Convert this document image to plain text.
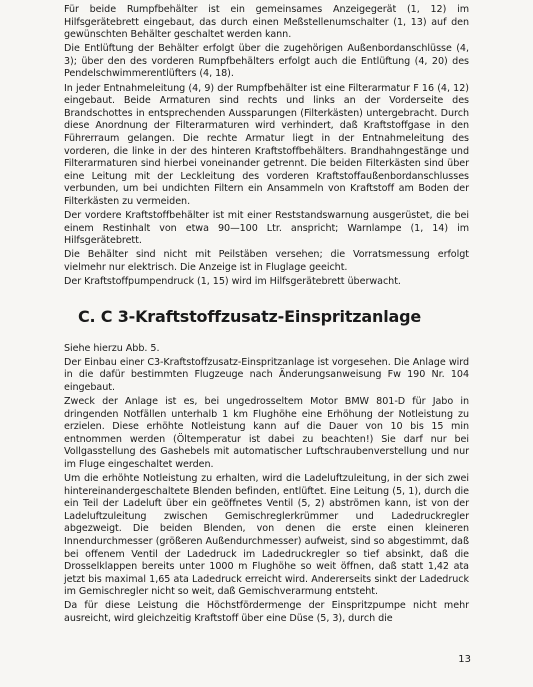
Für beide Rumpfbehälter ist ein gemeinsames Anzeigegerät (1, 12) im Hilfsgerätebrett eingebaut, das durch einen Meßstellenumschalter (1, 13) auf den gewünschten Behälter geschaltet werden kann.

Die Entlüftung der Behälter erfolgt über die zugehörigen Außenbordanschlüsse (4, 3); über den des vorderen Rumpfbehälters erfolgt auch die Entlüftung (4, 20) des Pendelschwimmerentlüfters (4, 18).

In jeder Entnahmeleitung (4, 9) der Rumpfbehälter ist eine Filterarmatur F 16 (4, 12) eingebaut. Beide Armaturen sind rechts und links an der Vorderseite des Brandschottes in entsprechenden Aussparungen (Filterkästen) untergebracht. Durch diese Anordnung der Filterarmaturen wird verhindert, daß Kraftstoffgase in den Führerraum gelangen. Die rechte Armatur liegt in der Entnahmeleitung des vorderen, die linke in der des hinteren Kraftstoffbehälters. Brandhahngestänge und Filterarmaturen sind hierbei voneinander getrennt. Die beiden Filterkästen sind über eine Leitung mit der Leckleitung des vorderen Kraftstoffaußenbordanschlusses verbunden, um bei undichten Filtern ein Ansammeln von Kraftstoff am Boden der Filterkästen zu vermeiden.

Der vordere Kraftstoffbehälter ist mit einer Reststandswarnung ausgerüstet, die bei einem Restinhalt von etwa 90—100 Ltr. anspricht; Warnlampe (1, 14) im Hilfsgerätebrett.

Die Behälter sind nicht mit Peilstäben versehen; die Vorratsmessung erfolgt vielmehr nur elektrisch. Die Anzeige ist in Fluglage geeicht.

Der Kraftstoffpumpendruck (1, 15) wird im Hilfsgerätebrett überwacht.

C. C 3-Kraftstoffzusatz-Einspritzanlage

Siehe hierzu Abb. 5.

Der Einbau einer C3-Kraftstoffzusatz-Einspritzanlage ist vorgesehen. Die Anlage wird in die dafür bestimmten Flugzeuge nach Änderungsanweisung Fw 190 Nr. 104 eingebaut.

Zweck der Anlage ist es, bei ungedrosseltem Motor BMW 801-D für Jabo in dringenden Notfällen unterhalb 1 km Flughöhe eine Erhöhung der Notleistung zu erzielen. Diese erhöhte Notleistung kann auf die Dauer von 10 bis 15 min entnommen werden (Öltemperatur ist dabei zu beachten!) Sie darf nur bei Vollgasstellung des Gashebels mit automatischer Luftschraubenverstellung und nur im Fluge eingeschaltet werden.

Um die erhöhte Notleistung zu erhalten, wird die Ladeluftzuleitung, in der sich zwei hintereinandergeschaltete Blenden befinden, entlüftet. Eine Leitung (5, 1), durch die ein Teil der Ladeluft über ein geöffnetes Ventil (5, 2) abströmen kann, ist von der Ladeluftzuleitung zwischen Gemischreglerkrümmer und Ladedruckregler abgezweigt. Die beiden Blenden, von denen die erste einen kleineren Innendurchmesser (größeren Außendurchmesser) aufweist, sind so abgestimmt, daß bei offenem Ventil der Ladedruck im Ladedruckregler so tief absinkt, daß die Drosselklappen bereits unter 1000 m Flughöhe so weit öffnen, daß statt 1,42 ata jetzt bis maximal 1,65 ata Ladedruck erreicht wird. Andererseits sinkt der Ladedruck im Gemischregler nicht so weit, daß Gemischverarmung entsteht.

Da für diese Leistung die Höchstfördermenge der Einspritzpumpe nicht mehr ausreicht, wird gleichzeitig Kraftstoff über eine Düse (5, 3), durch die

13
